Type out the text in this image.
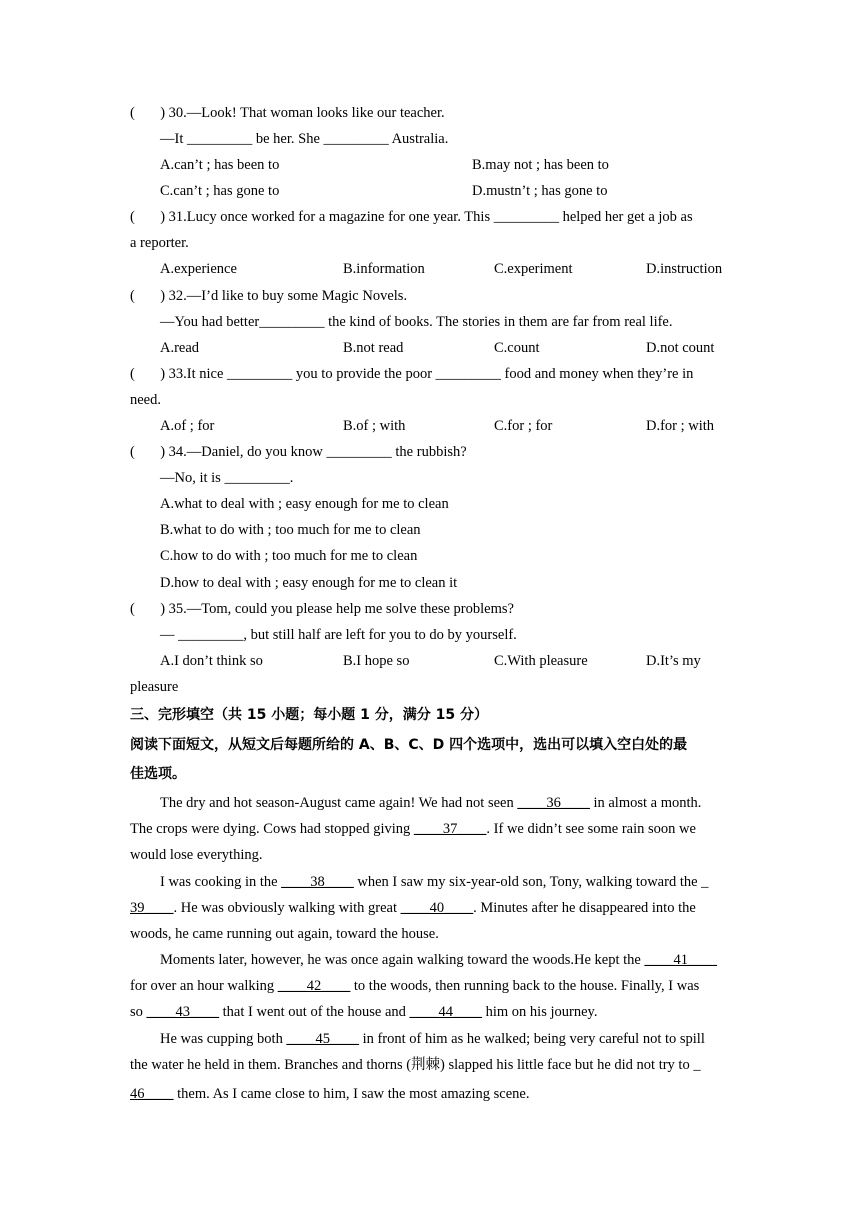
(       ) 30.—Look! That woman looks like our teacher.
—It _________ be her. She _________ Australia.
A.can’t ; has been to	B.may not ; has been to
C.can’t ; has gone to	D.mustn’t ; has gone to
(       ) 31.Lucy once worked for a magazine for one year. This _________ helped her get a job as
a reporter.
A.experience	B.information	C.experiment	D.instruction
(       ) 32.—I’d like to buy some Magic Novels.
—You had better_________ the kind of books. The stories in them are far from real life.
A.read	B.not read	C.count	D.not count
(       ) 33.It nice _________ you to provide the poor _________ food and money when they’re in
need.
A.of ; for	B.of ; with	C.for ; for	D.for ; with
(       ) 34.—Daniel, do you know _________ the rubbish?
—No, it is _________.
A.what to deal with ; easy enough for me to clean
B.what to do with ; too much for me to clean
C.how to do with ; too much for me to clean
D.how to deal with ; easy enough for me to clean it
(       ) 35.—Tom, could you please help me solve these problems?
— _________, but still half are left for you to do by yourself.
A.I don’t think so	B.I hope so	C.With pleasure	D.It’s my
pleasure
三、完形填空（共 15 小题；每小题 1 分，满分 15 分）
阅读下面短文，从短文后每题所给的 A、B、C、D 四个选项中，选出可以填入空白处的最
佳选项。
The dry and hot season-August came again! We had not seen ____36____ in almost a month.
The crops were dying. Cows had stopped giving ____37____. If we didn’t see some rain soon we
would lose everything.
I was cooking in the ____38____ when I saw my six-year-old son, Tony, walking toward the _
39____. He was obviously walking with great ____40____. Minutes after he disappeared into the
woods, he came running out again, toward the house.
Moments later, however, he was once again walking toward the woods.He kept the ____41____
for over an hour walking ____42____ to the woods, then running back to the house. Finally, I was
so ____43____ that I went out of the house and ____44____ him on his journey.
He was cupping both ____45____ in front of him as he walked; being very careful not to spill
the water he held in them. Branches and thorns (荆棘) slapped his little face but he did not try to _
46____ them. As I came close to him, I saw the most amazing scene.
